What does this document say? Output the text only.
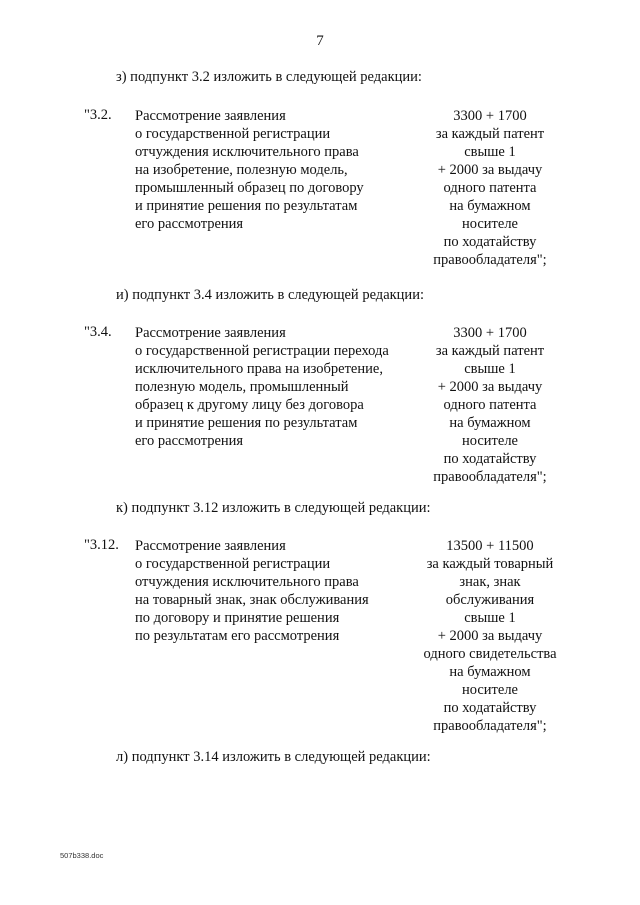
7
з) подпункт 3.2 изложить в следующей редакции:
"3.2. Рассмотрение заявления
о государственной регистрации
отчуждения исключительного права
на изобретение, полезную модель,
промышленный образец по договору
и принятие решения по результатам
его рассмотрения
3300 + 1700
за каждый патент
свыше 1
+ 2000 за выдачу
одного патента
на бумажном
носителе
по ходатайству
правообладателя";
и) подпункт 3.4 изложить в следующей редакции:
"3.4. Рассмотрение заявления
о государственной регистрации перехода
исключительного права на изобретение,
полезную модель, промышленный
образец к другому лицу без договора
и принятие решения по результатам
его рассмотрения
3300 + 1700
за каждый патент
свыше 1
+ 2000 за выдачу
одного патента
на бумажном
носителе
по ходатайству
правообладателя";
к) подпункт 3.12 изложить в следующей редакции:
"3.12. Рассмотрение заявления
о государственной регистрации
отчуждения исключительного права
на товарный знак, знак обслуживания
по договору и принятие решения
по результатам его рассмотрения
13500 + 11500
за каждый товарный
знак, знак
обслуживания
свыше 1
+ 2000 за выдачу
одного свидетельства
на бумажном
носителе
по ходатайству
правообладателя";
л) подпункт 3.14 изложить в следующей редакции:
507b338.doc
